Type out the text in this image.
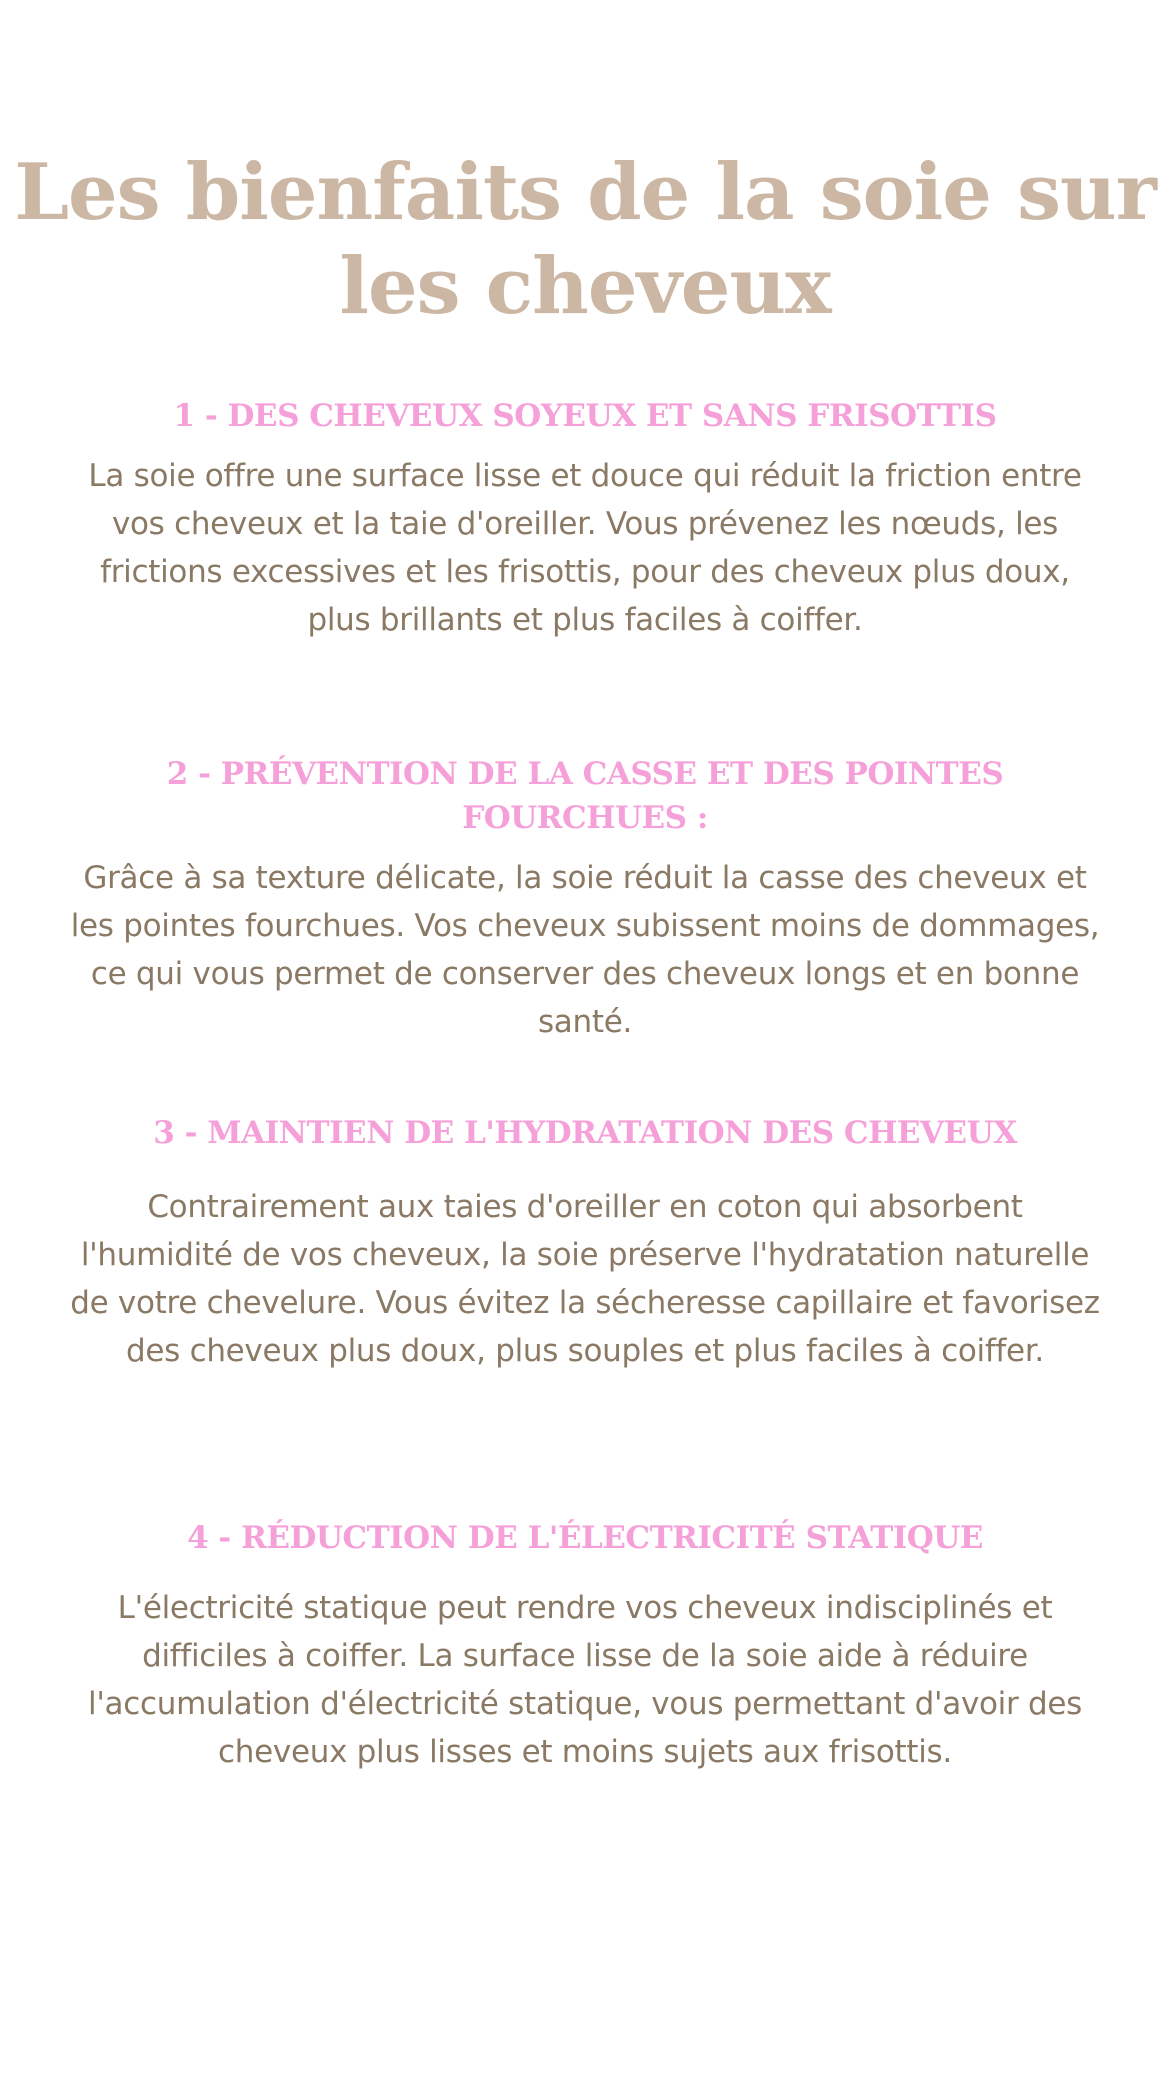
Les bienfaits de la soie sur les cheveux
1 - DES CHEVEUX SOYEUX ET SANS FRISOTTIS

La soie offre une surface lisse et douce qui réduit la friction entre vos cheveux et la taie d'oreiller. Vous prévenez les nœuds, les frictions excessives et les frisottis, pour des cheveux plus doux, plus brillants et plus faciles à coiffer.

2 - PRÉVENTION DE LA CASSE ET DES POINTES FOURCHUES :

Grâce à sa texture délicate, la soie réduit la casse des cheveux et les pointes fourchues. Vos cheveux subissent moins de dommages, ce qui vous permet de conserver des cheveux longs et en bonne santé.

3 - MAINTIEN DE L'HYDRATATION DES CHEVEUX

Contrairement aux taies d'oreiller en coton qui absorbent l'humidité de vos cheveux, la soie préserve l'hydratation naturelle de votre chevelure. Vous évitez la sécheresse capillaire et favorisez des cheveux plus doux, plus souples et plus faciles à coiffer.

4 - RÉDUCTION DE L'ÉLECTRICITÉ STATIQUE

L'électricité statique peut rendre vos cheveux indisciplinés et difficiles à coiffer. La surface lisse de la soie aide à réduire l'accumulation d'électricité statique, vous permettant d'avoir des cheveux plus lisses et moins sujets aux frisottis.
